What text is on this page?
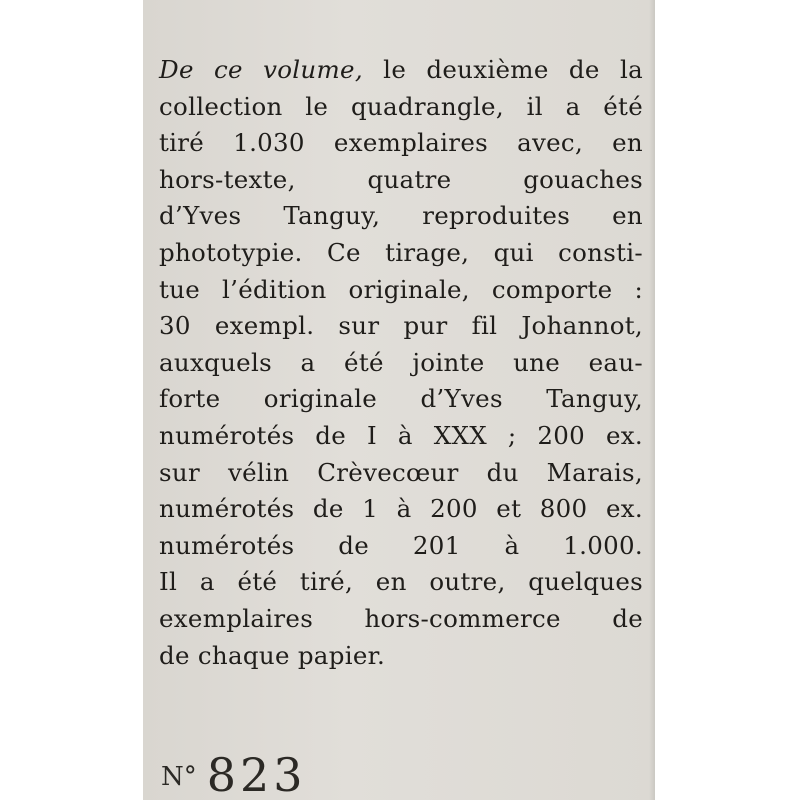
De ce volume, le deuxième de la
collection le quadrangle, il a été
tiré 1.030 exemplaires avec, en
hors-texte, quatre gouaches
d’Yves Tanguy, reproduites en
phototypie. Ce tirage, qui consti-
tue l’édition originale, comporte :
30 exempl. sur pur fil Johannot,
auxquels a été jointe une eau-
forte originale d’Yves Tanguy,
numérotés de I à XXX ; 200 ex.
sur vélin Crèvecœur du Marais,
numérotés de 1 à 200 et 800 ex.
numérotés de 201 à 1.000.
Il a été tiré, en outre, quelques
exemplaires hors-commerce de
de chaque papier.
N° 823
